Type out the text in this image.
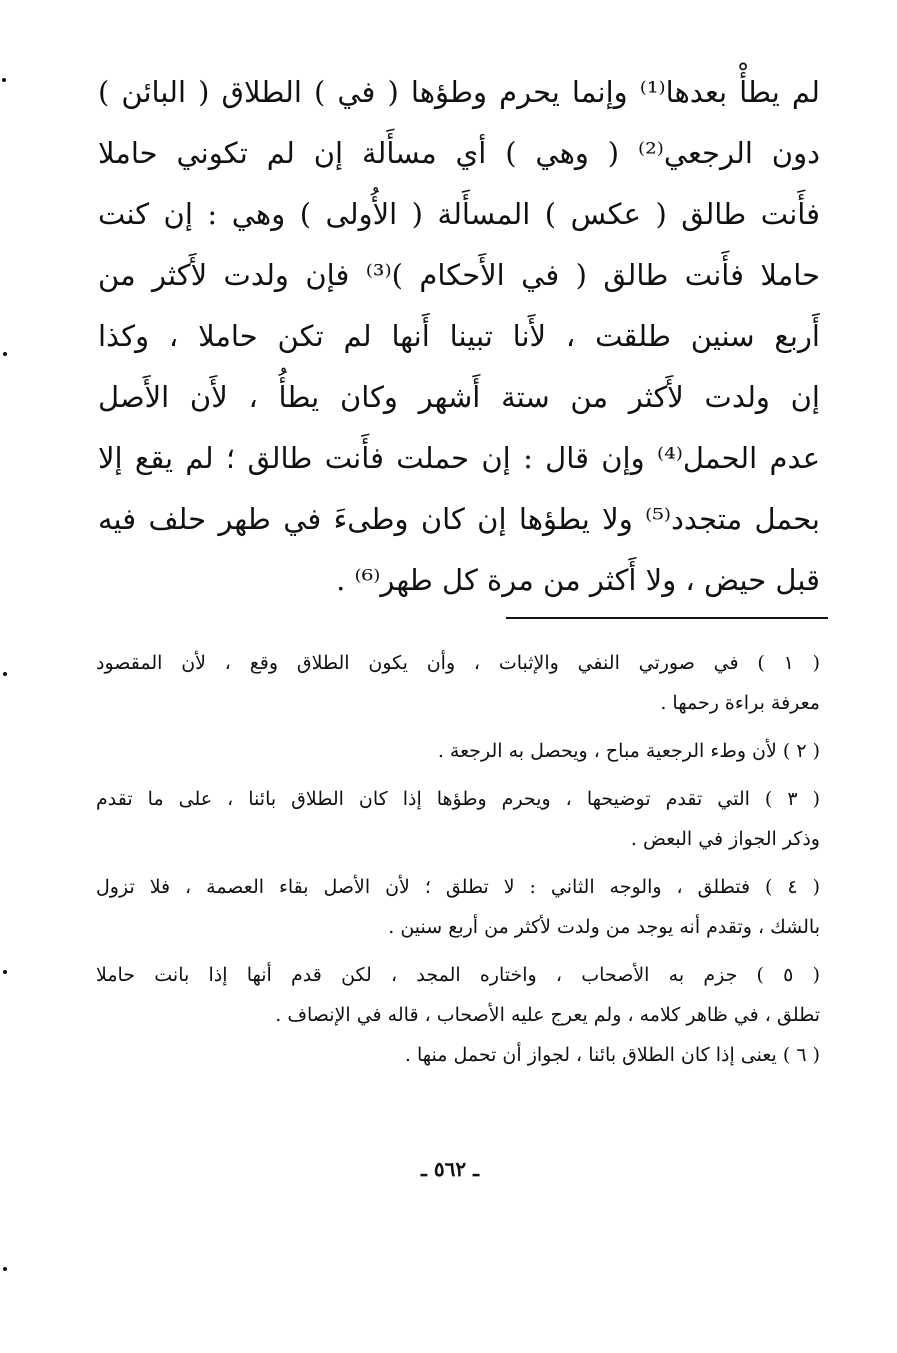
لم يطأْ بعدها⁽¹⁾ وإنما يحرم وطؤها ( في ) الطلاق ( البائن )
دون الرجعي⁽²⁾ ( وهي ) أي مسأَلة إن لم تكوني حاملا
فأَنت طالق ( عكس ) المسأَلة ( الأُولى ) وهي : إن كنت
حاملا فأَنت طالق ( في الأَحكام )⁽³⁾ فإن ولدت لأَكثر من
أَربع سنين طلقت ، لأَنا تبينا أَنها لم تكن حاملا ، وكذا
إن ولدت لأَكثر من ستة أَشهر وكان يطأُ ، لأَن الأَصل
عدم الحمل⁽⁴⁾ وإن قال : إن حملت فأَنت طالق ؛ لم يقع إلا
بحمل متجدد⁽⁵⁾ ولا يطؤها إن كان وطىءَ في طهر حلف فيه
قبل حيض ، ولا أَكثر من مرة كل طهر⁽⁶⁾ .
( ١ ) في صورتي النفي والإثبات ، وأن يكون الطلاق وقع ، لأن المقصود
معرفة براءة رحمها .
( ٢ ) لأن وطء الرجعية مباح ، ويحصل به الرجعة .
( ٣ ) التي تقدم توضيحها ، ويحرم وطؤها إذا كان الطلاق بائنا ، على ما تقدم
وذكر الجواز في البعض .
( ٤ ) فتطلق ، والوجه الثاني : لا تطلق ؛ لأن الأصل بقاء العصمة ، فلا تزول
بالشك ، وتقدم أنه يوجد من ولدت لأكثر من أربع سنين .
( ٥ ) جزم به الأصحاب ، واختاره المجد ، لكن قدم أنها إذا بانت حاملا
تطلق ، في ظاهر كلامه ، ولم يعرج عليه الأصحاب ، قاله في الإنصاف .
( ٦ ) يعنى إذا كان الطلاق بائنا ، لجواز أن تحمل منها .
ـ ٥٦٢ ـ
